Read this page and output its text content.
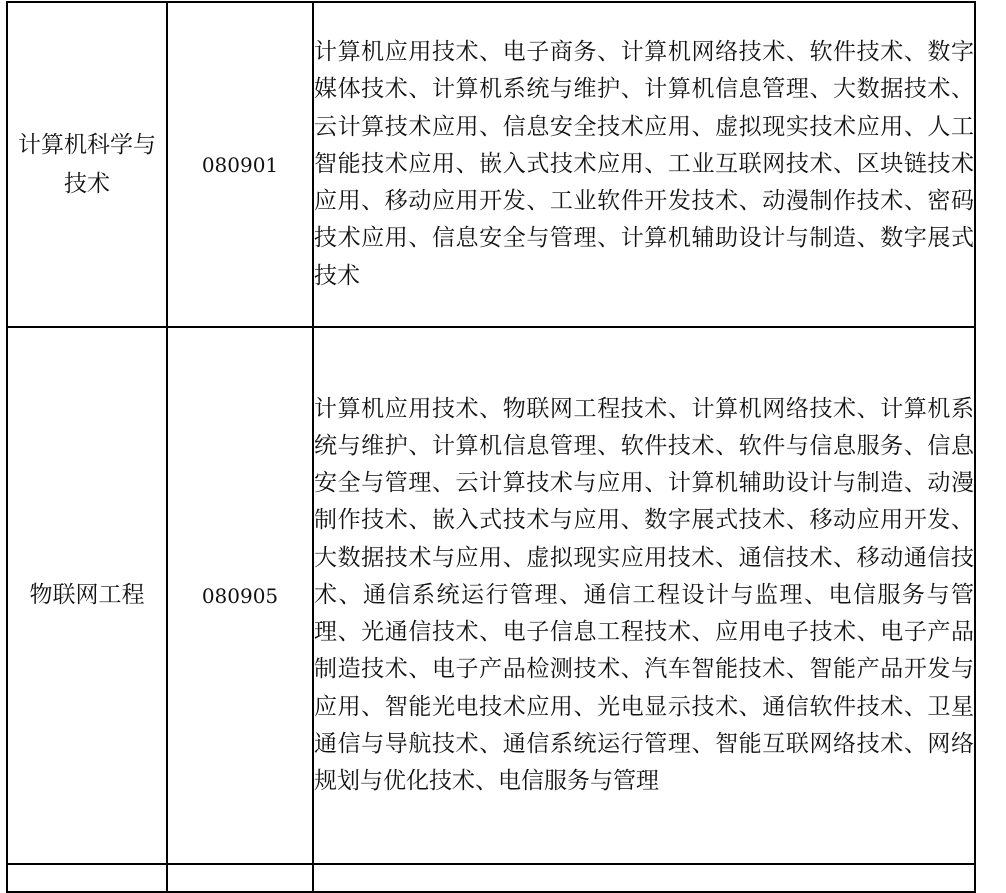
计算机科学与技术	080901	计算机应用技术、电子商务、计算机网络技术、软件技术、数字媒体技术、计算机系统与维护、计算机信息管理、大数据技术、云计算技术应用、信息安全技术应用、虚拟现实技术应用、人工智能技术应用、嵌入式技术应用、工业互联网技术、区块链技术应用、移动应用开发、工业软件开发技术、动漫制作技术、密码技术应用、信息安全与管理、计算机辅助设计与制造、数字展式技术
物联网工程	080905	计算机应用技术、物联网工程技术、计算机网络技术、计算机系统与维护、计算机信息管理、软件技术、软件与信息服务、信息安全与管理、云计算技术与应用、计算机辅助设计与制造、动漫制作技术、嵌入式技术与应用、数字展式技术、移动应用开发、大数据技术与应用、虚拟现实应用技术、通信技术、移动通信技术、通信系统运行管理、通信工程设计与监理、电信服务与管理、光通信技术、电子信息工程技术、应用电子技术、电子产品制造技术、电子产品检测技术、汽车智能技术、智能产品开发与应用、智能光电技术应用、光电显示技术、通信软件技术、卫星通信与导航技术、通信系统运行管理、智能互联网络技术、网络规划与优化技术、电信服务与管理
